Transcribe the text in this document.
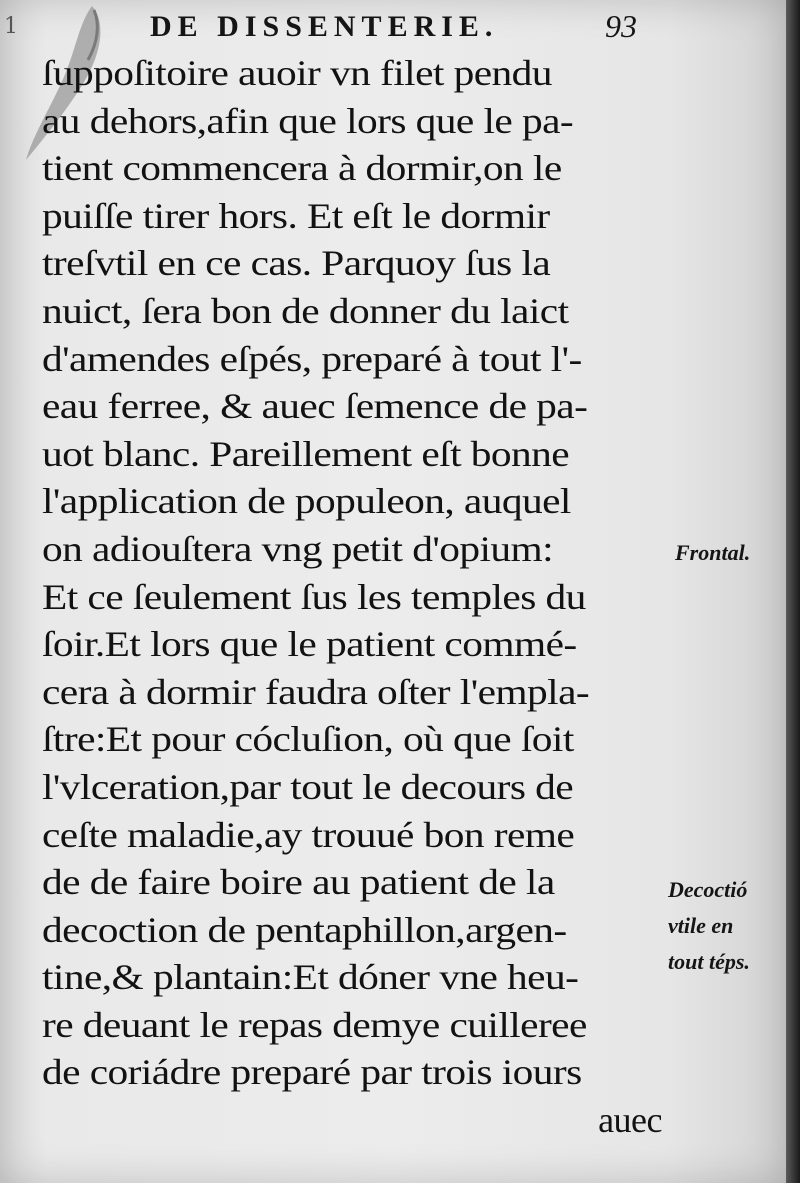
1	DE DISSENTERIE.	93
ſuppoſitoire auoir vn filet pendu
au dehors,afin que lors que le pa-
tient commencera à dormir,on le
puiſſe tirer hors. Et eſt le dormir
treſvtil en ce cas. Parquoy ſus la
nuict, ſera bon de donner du laict
d'amendes eſpés, preparé à tout l'-
eau ferree, & auec ſemence de pa-
uot blanc. Pareillement eſt bonne
l'application de populeon, auquel
on adiouſtera vng petit d'opium:
Et ce ſeulement ſus les temples du
ſoir.Et lors que le patient commé-
cera à dormir faudra oſter l'empla-
ſtre:Et pour cócluſion, où que ſoit
l'vlceration,par tout le decours de
ceſte maladie,ay trouué bon reme
de de faire boire au patient de la
decoction de pentaphillon,argen-
tine,& plantain:Et dóner vne heu-
re deuant le repas demye cuilleree
de coriádre preparé par trois iours
auec
Frontal.
Decoctió
vtile en
tout téps.
